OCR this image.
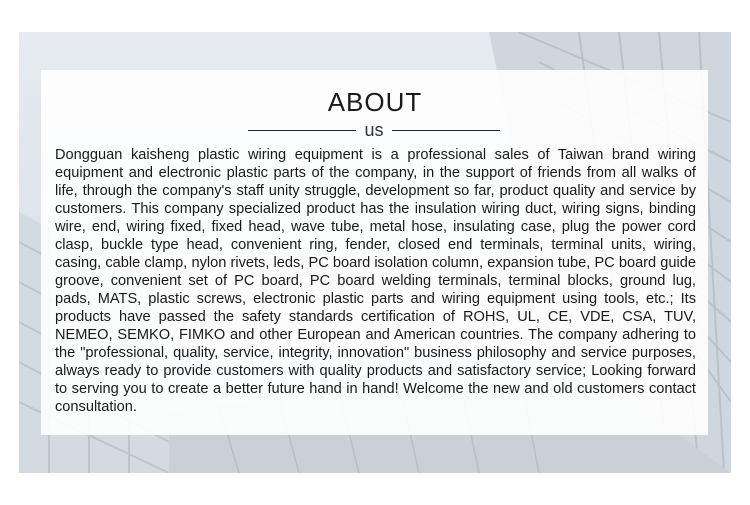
ABOUT
us

Dongguan kaisheng plastic wiring equipment is a professional sales of Taiwan brand wiring equipment and electronic plastic parts of the company, in the support of friends from all walks of life, through the company's staff unity struggle, development so far, product quality and service by customers. This company specialized product has the insulation wiring duct, wiring signs, binding wire, end, wiring fixed, fixed head, wave tube, metal hose, insulating case, plug the power cord clasp, buckle type head, convenient ring, fender, closed end terminals, terminal units, wiring, casing, cable clamp, nylon rivets, leds, PC board isolation column, expansion tube, PC board guide groove, convenient set of PC board, PC board welding terminals, terminal blocks, ground lug, pads, MATS, plastic screws, electronic plastic parts and wiring equipment using tools, etc.; Its products have passed the safety standards certification of ROHS, UL, CE, VDE, CSA, TUV, NEMEO, SEMKO, FIMKO and other European and American countries. The company adhering to the "professional, quality, service, integrity, innovation" business philosophy and service purposes, always ready to provide customers with quality products and satisfactory service; Looking forward to serving you to create a better future hand in hand! Welcome the new and old customers contact consultation.
